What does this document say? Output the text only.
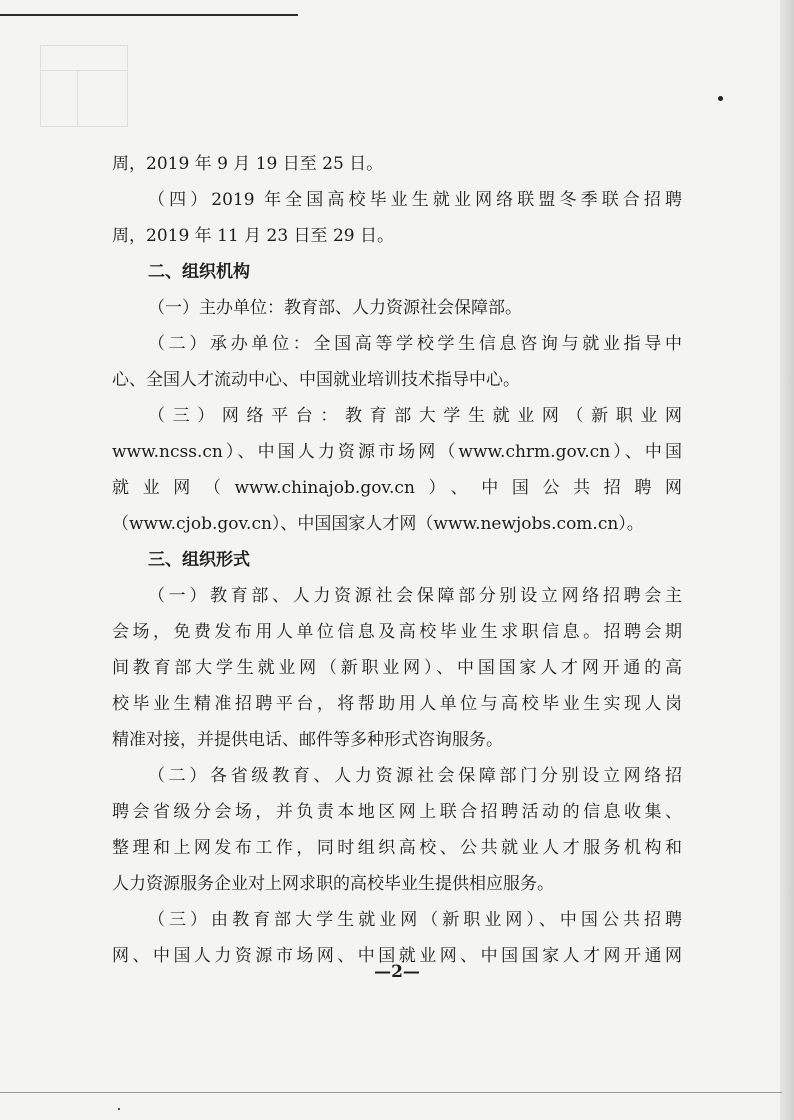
周，2019 年 9 月 19 日至 25 日。

（四）2019 年全国高校毕业生就业网络联盟冬季联合招聘

周，2019 年 11 月 23 日至 29 日。

二、组织机构

（一）主办单位：教育部、人力资源社会保障部。

（二）承办单位：全国高等学校学生信息咨询与就业指导中

心、全国人才流动中心、中国就业培训技术指导中心。

（三）网络平台：教育部大学生就业网（新职业网

www.ncss.cn）、中国人力资源市场网（www.chrm.gov.cn）、中国

就业网（www.chinajob.gov.cn）、中国公共招聘网

（www.cjob.gov.cn）、中国国家人才网（www.newjobs.com.cn）。

三、组织形式

（一）教育部、人力资源社会保障部分别设立网络招聘会主

会场，免费发布用人单位信息及高校毕业生求职信息。招聘会期

间教育部大学生就业网（新职业网）、中国国家人才网开通的高

校毕业生精准招聘平台，将帮助用人单位与高校毕业生实现人岗

精准对接，并提供电话、邮件等多种形式咨询服务。

（二）各省级教育、人力资源社会保障部门分别设立网络招

聘会省级分会场，并负责本地区网上联合招聘活动的信息收集、

整理和上网发布工作，同时组织高校、公共就业人才服务机构和

人力资源服务企业对上网求职的高校毕业生提供相应服务。

（三）由教育部大学生就业网（新职业网）、中国公共招聘

网、中国人力资源市场网、中国就业网、中国国家人才网开通网

—2—
